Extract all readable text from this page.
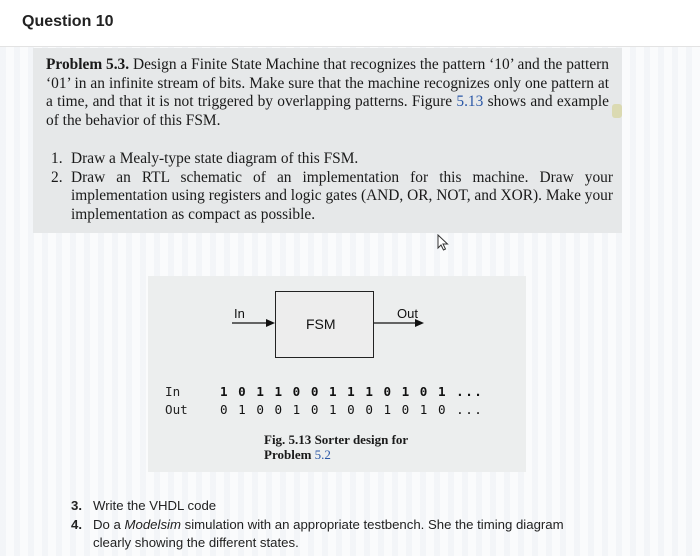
Question 10
Problem 5.3. Design a Finite State Machine that recognizes the pattern ‘10’ and the pattern ‘01’ in an infinite stream of bits. Make sure that the machine recognizes only one pattern at a time, and that it is not triggered by overlapping patterns. Figure 5.13 shows and example of the behavior of this FSM.
1. Draw a Mealy-type state diagram of this FSM.
2. Draw an RTL schematic of an implementation for this machine. Draw your implementation using registers and logic gates (AND, OR, NOT, and XOR). Make your implementation as compact as possible.
In
FSM
Out
In	1 0 1 1 0 0 1 1 1 0 1 0 1 ...
Out	0 1 0 0 1 0 1 0 0 1 0 1 0 ...
Fig. 5.13 Sorter design for
Problem 5.2
3. Write the VHDL code
4. Do a Modelsim simulation with an appropriate testbench. She the timing diagram clearly showing the different states.
